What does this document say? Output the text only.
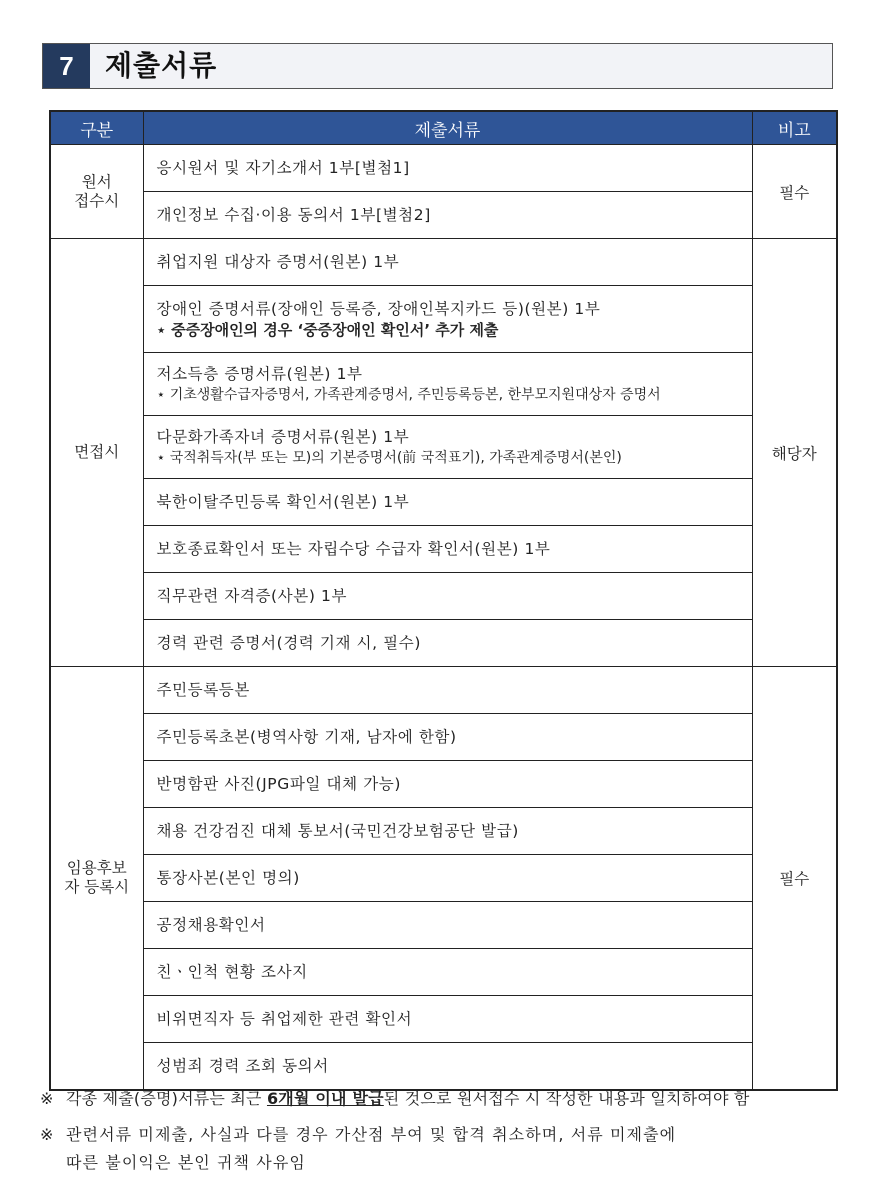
7	제출서류
구분	제출서류	비고
원서
접수시	응시원서 및 자기소개서 1부[별첨1]	필수
	개인정보 수집·이용 동의서 1부[별첨2]	
면접시	취업지원 대상자 증명서(원본) 1부	해당자
	장애인 증명서류(장애인 등록증, 장애인복지카드 등)(원본) 1부
⋆ 중증장애인의 경우 ‘중증장애인 확인서’ 추가 제출	

	저소득층 증명서류(원본) 1부
⋆ 기초생활수급자증명서, 가족관계증명서, 주민등록등본, 한부모지원대상자 증명서	

	다문화가족자녀 증명서류(원본) 1부
⋆ 국적취득자(부 또는 모)의 기본증명서(前 국적표기), 가족관계증명서(본인)	

	북한이탈주민등록 확인서(원본) 1부	
	보호종료확인서 또는 자립수당 수급자 확인서(원본) 1부	
	직무관련 자격증(사본) 1부	
	경력 관련 증명서(경력 기재 시, 필수)	
임용후보
자 등록시	주민등록등본	필수
	주민등록초본(병역사항 기재, 남자에 한함)	
	반명함판 사진(JPG파일 대체 가능)	
	채용 건강검진 대체 통보서(국민건강보험공단 발급)	
	통장사본(본인 명의)	
	공정채용확인서	
	친ㆍ인척 현황 조사지	
	비위면직자 등 취업제한 관련 확인서	
	성범죄 경력 조회 동의서	
※ 각종 제출(증명)서류는 최근 6개월 이내 발급된 것으로 원서접수 시 작성한 내용과 일치하여야 함
※ 관련서류 미제출, 사실과 다를 경우 가산점 부여 및 합격 취소하며, 서류 미제출에
따른 불이익은 본인 귀책 사유임
